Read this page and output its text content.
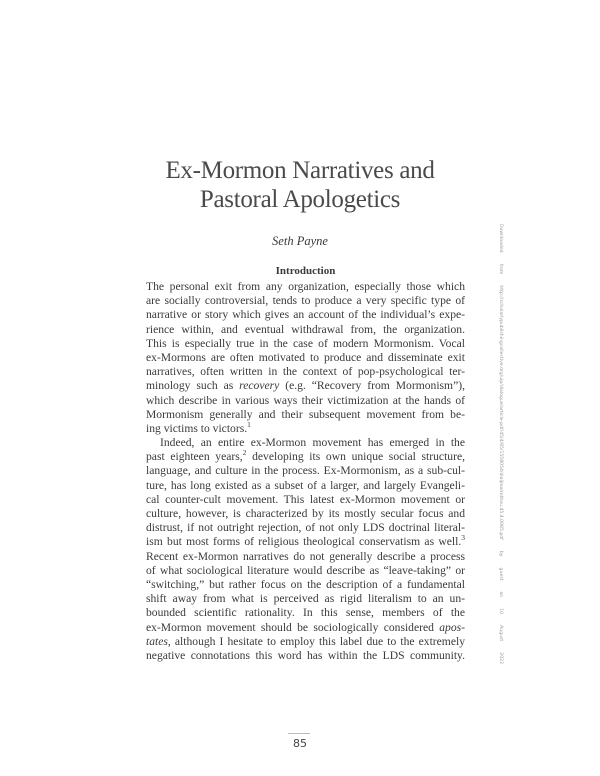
Ex-Mormon Narratives and
Pastoral Apologetics
Seth Payne
Introduction
The personal exit from any organization, especially those which
are socially controversial, tends to produce a very specific type of
narrative or story which gives an account of the individual’s expe-
rience within, and eventual withdrawal from, the organization.
This is especially true in the case of modern Mormonism. Vocal
ex-Mormons are often motivated to produce and disseminate exit
narratives, often written in the context of pop-psychological ter-
minology such as recovery (e.g. “Recovery from Mormonism”),
which describe in various ways their victimization at the hands of
Mormonism generally and their subsequent movement from be-
ing victims to victors.$^1$
Indeed, an entire ex-Mormon movement has emerged in the
past eighteen years,$^2$ developing its own unique social structure,
language, and culture in the process. Ex-Mormonism, as a sub-cul-
ture, has long existed as a subset of a larger, and largely Evangeli-
cal counter-cult movement. This latest ex-Mormon movement or
culture, however, is characterized by its mostly secular focus and
distrust, if not outright rejection, of not only LDS doctrinal literal-
ism but most forms of religious theological conservatism as well.$^3$
Recent ex-Mormon narratives do not generally describe a process
of what sociological literature would describe as “leave-taking” or
“switching,” but rather focus on the description of a fundamental
shift away from what is perceived as rigid literalism to an un-
bounded scientific rationality. In this sense, members of the
ex-Mormon movement should be sociologically considered apos-
tates, although I hesitate to employ this label due to the extremely
negative connotations this word has within the LDS community.
85
Downloaded from http://scholarlypublishingcollective.org/uip/dialogue/article-pdf/45/4/85/1558054/dialjmormthou.45.4.0085.pdf by guest on 10 August 2022
